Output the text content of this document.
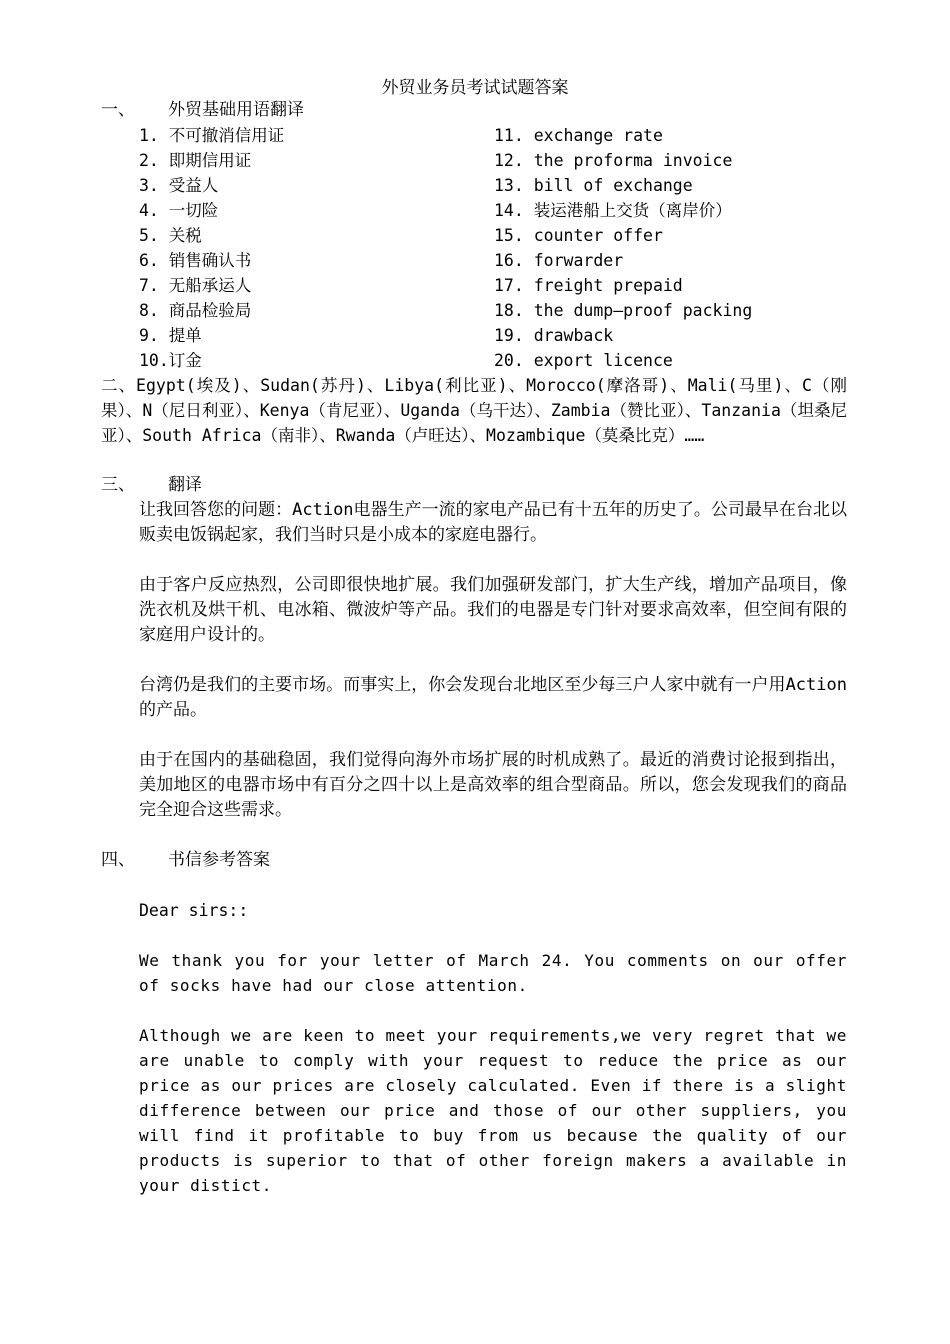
外贸业务员考试试题答案
一、 外贸基础用语翻译
1. 不可撤消信用证
2. 即期信用证
3. 受益人
4. 一切险
5. 关税
6. 销售确认书
7. 无船承运人
8. 商品检验局
9. 提单
10.订金
11. exchange rate
12. the proforma invoice
13. bill of exchange
14. 装运港船上交货（离岸价）
15. counter offer
16. forwarder
17. freight prepaid
18. the dump—proof packing
19. drawback
20. export licence
二、Egypt(埃及)、Sudan(苏丹)、Libya(利比亚)、Morocco(摩洛哥)、Mali(马里)、C（刚果）、N（尼日利亚）、Kenya（肯尼亚）、Uganda（乌干达）、Zambia（赞比亚）、Tanzania（坦桑尼亚）、South Africa（南非）、Rwanda（卢旺达）、Mozambique（莫桑比克）……
三、 翻译
让我回答您的问题：Action电器生产一流的家电产品已有十五年的历史了。公司最早在台北以贩卖电饭锅起家，我们当时只是小成本的家庭电器行。
由于客户反应热烈，公司即很快地扩展。我们加强研发部门，扩大生产线，增加产品项目，像洗衣机及烘干机、电冰箱、微波炉等产品。我们的电器是专门针对要求高效率，但空间有限的家庭用户设计的。
台湾仍是我们的主要市场。而事实上，你会发现台北地区至少每三户人家中就有一户用Action的产品。
由于在国内的基础稳固，我们觉得向海外市场扩展的时机成熟了。最近的消费讨论报到指出，美加地区的电器市场中有百分之四十以上是高效率的组合型商品。所以，您会发现我们的商品完全迎合这些需求。
四、 书信参考答案
Dear sirs::
We thank you for your letter of March 24. You comments on our offer of socks have had our close attention.
Although we are keen to meet your requirements,we very regret that we are unable to comply with your request to reduce the price as our price as our prices are closely calculated. Even if there is a slight difference between our price and those of our other suppliers, you will find it profitable to buy from us because the quality of our products is superior to that of other foreign makers a available in your distict.
